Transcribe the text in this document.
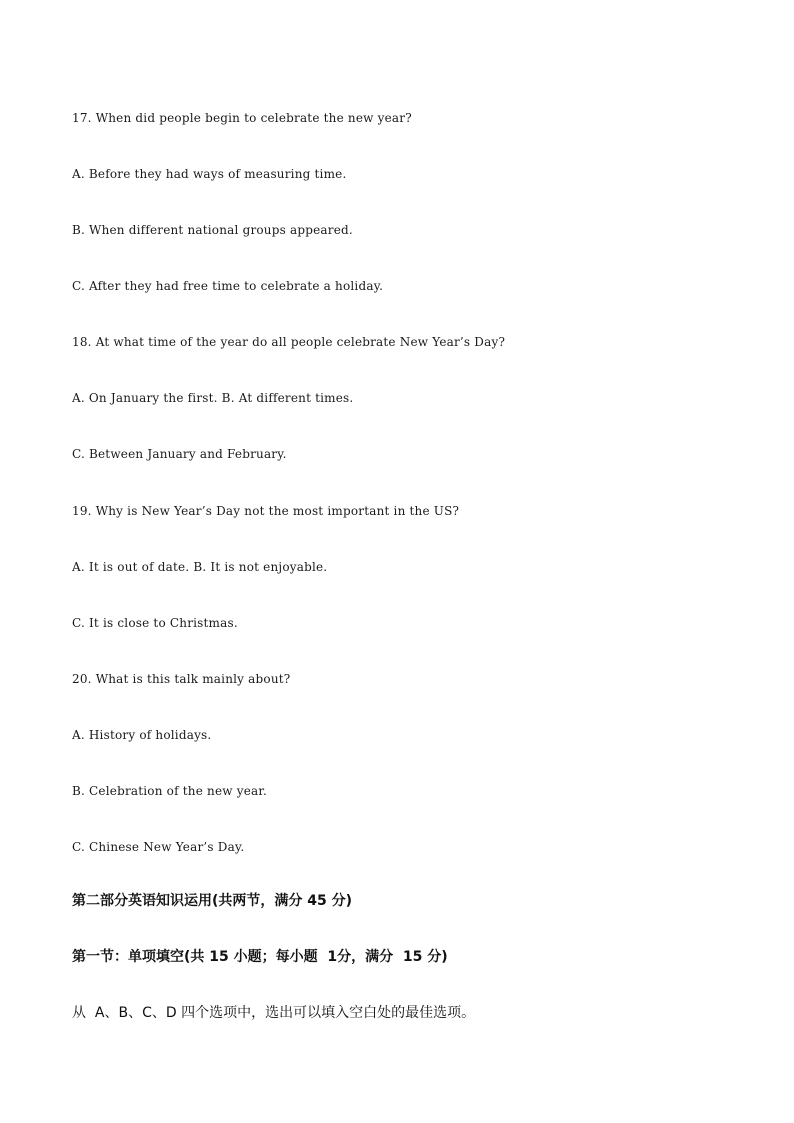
17. When did people begin to celebrate the new year?
A. Before they had ways of measuring time.
B. When different national groups appeared.
C. After they had free time to celebrate a holiday.
18. At what time of the year do all people celebrate New Year’s Day?
A. On January the first. B. At different times.
C. Between January and February.
19. Why is New Year’s Day not the most important in the US?
A. It is out of date. B. It is not enjoyable.
C. It is close to Christmas.
20. What is this talk mainly about?
A. History of holidays.
B. Celebration of the new year.
C. Chinese New Year’s Day.
第二部分英语知识运用(共两节，满分 45 分)
第一节：单项填空(共 15 小题；每小题  1分，满分  15 分)
从  A、B、C、D 四个选项中，选出可以填入空白处的最佳选项。
